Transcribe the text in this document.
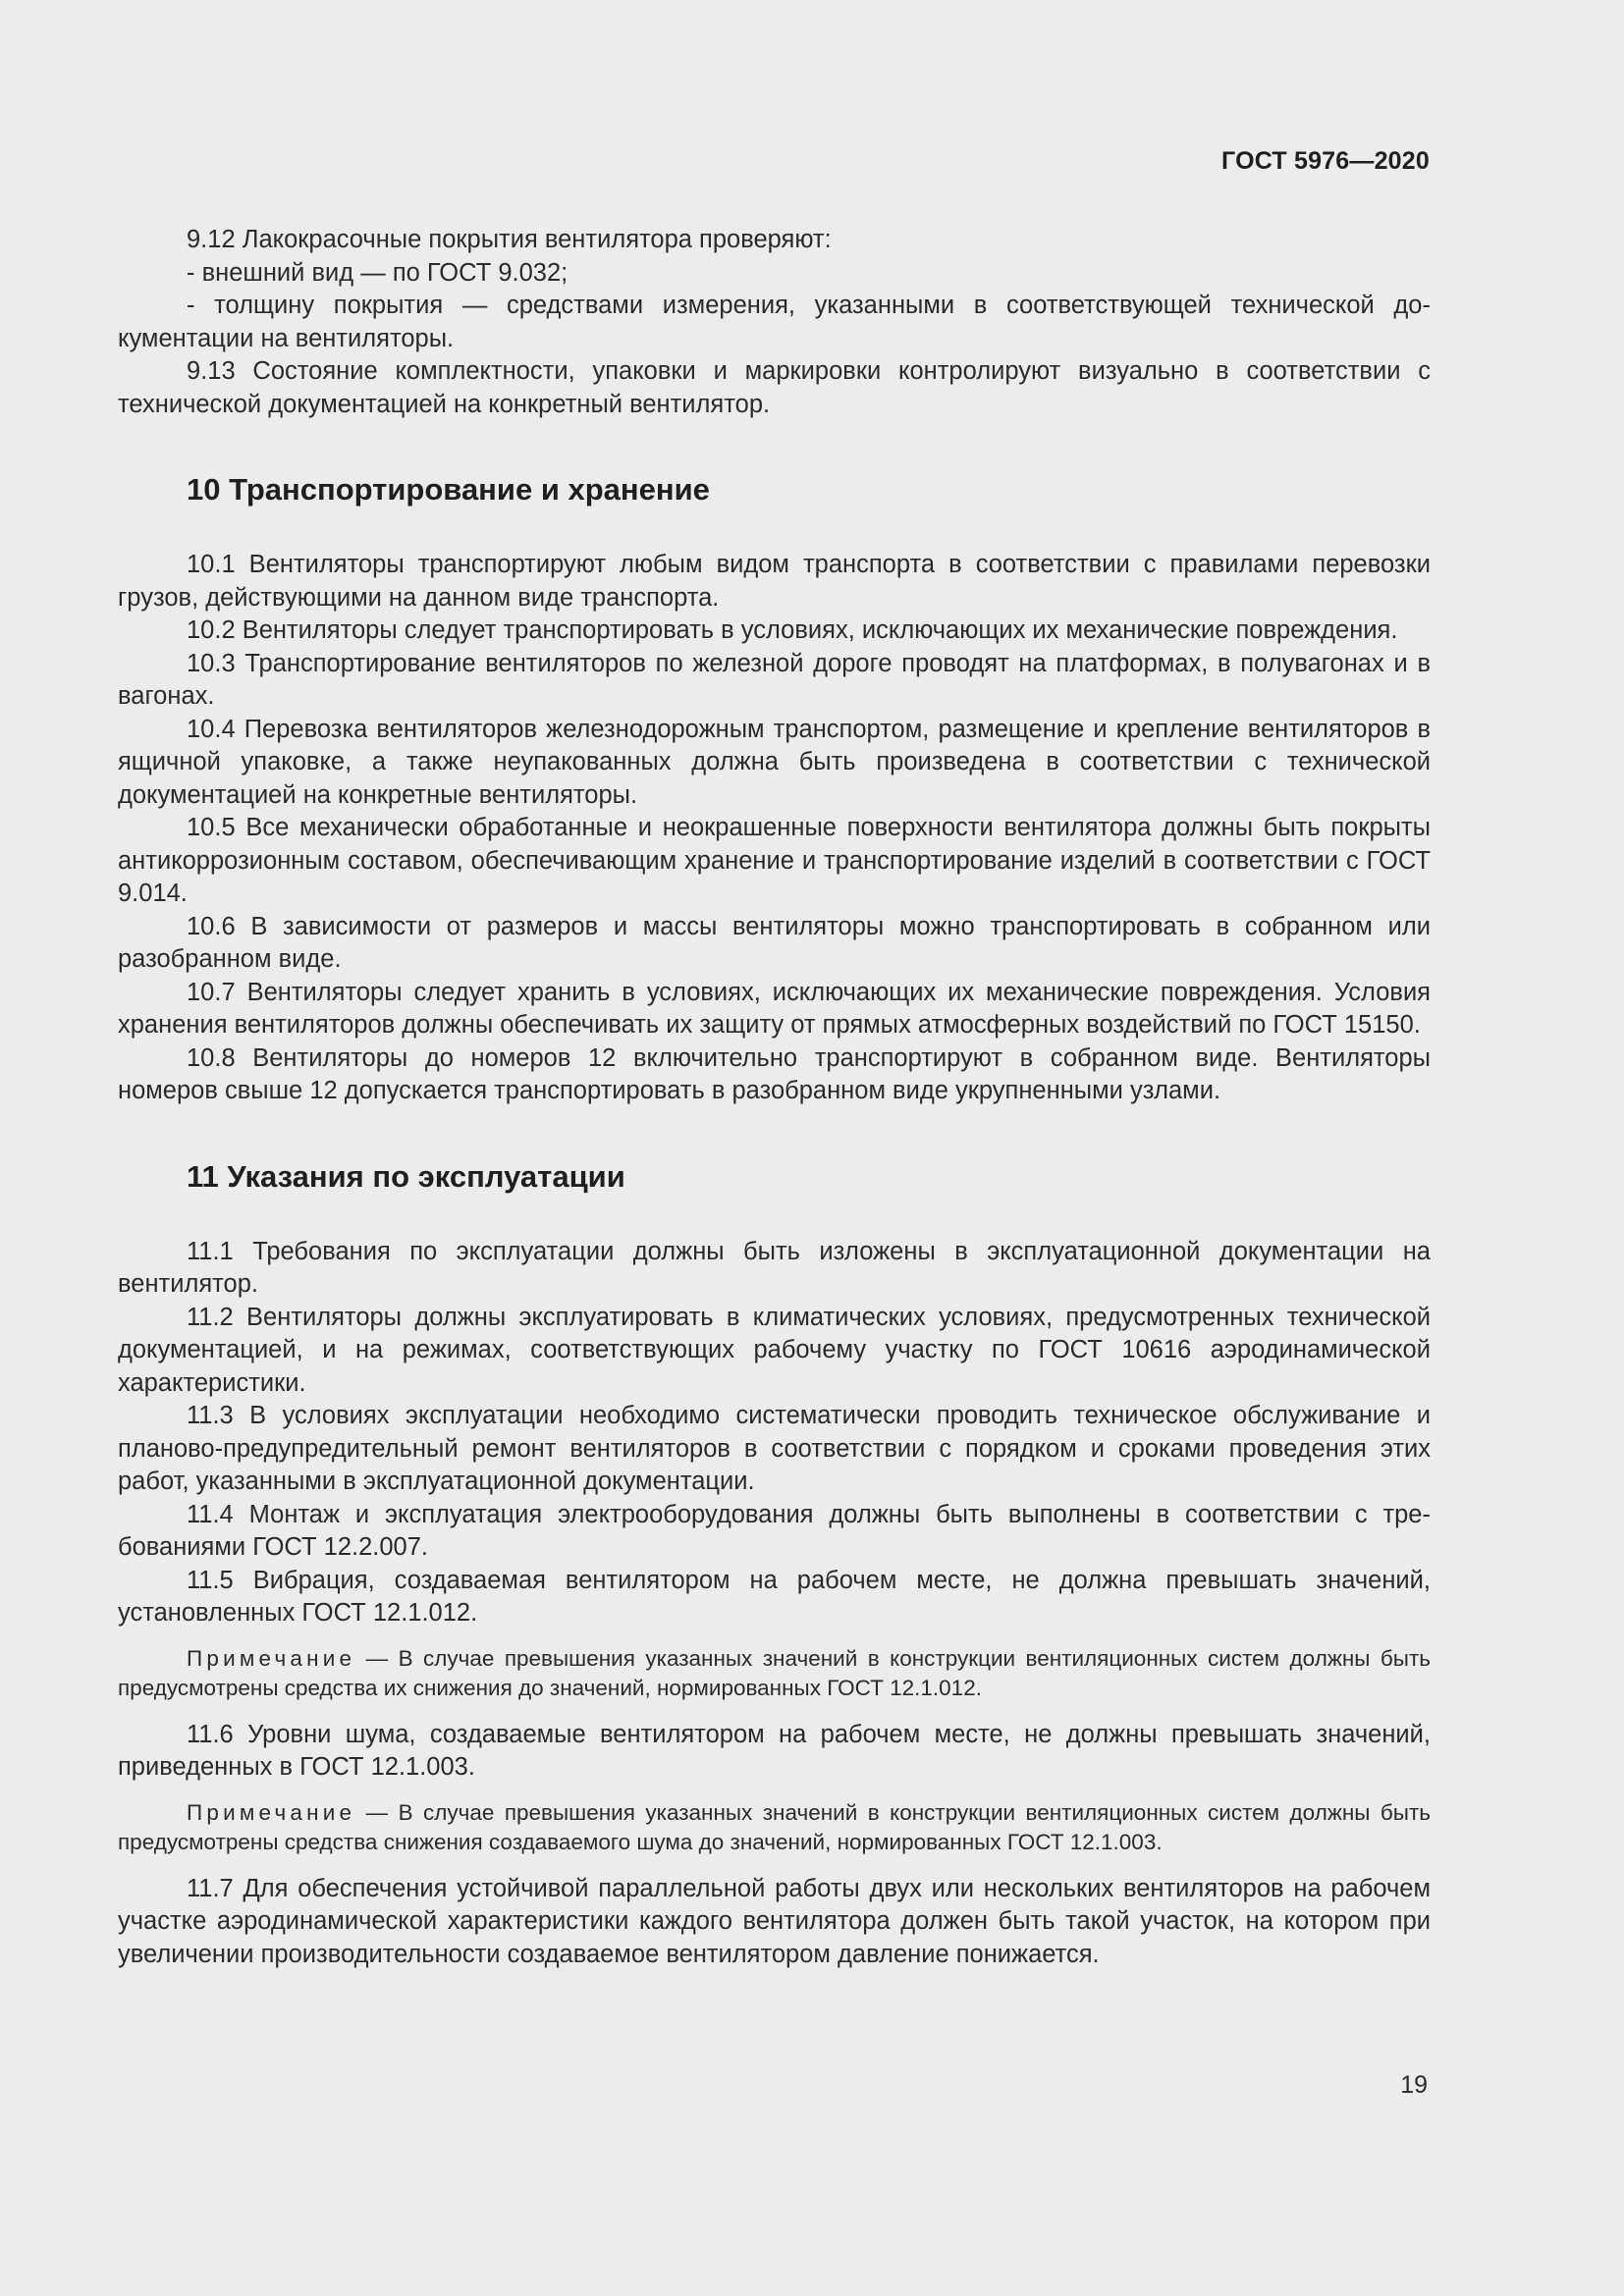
ГОСТ 5976—2020

9.12 Лакокрасочные покрытия вентилятора проверяют:

- внешний вид — по ГОСТ 9.032;

- толщину покрытия — средствами измерения, указанными в соответствующей технической документации на вентиляторы.

9.13 Состояние комплектности, упаковки и маркировки контролируют визуально в соответствии с технической документацией на конкретный вентилятор.

10 Транспортирование и хранение

10.1 Вентиляторы транспортируют любым видом транспорта в соответствии с правилами перевозки грузов, действующими на данном виде транспорта.

10.2 Вентиляторы следует транспортировать в условиях, исключающих их механические повреждения.

10.3 Транспортирование вентиляторов по железной дороге проводят на платформах, в полувагонах и в вагонах.

10.4 Перевозка вентиляторов железнодорожным транспортом, размещение и крепление вентиляторов в ящичной упаковке, а также неупакованных должна быть произведена в соответствии с технической документацией на конкретные вентиляторы.

10.5 Все механически обработанные и неокрашенные поверхности вентилятора должны быть покрыты антикоррозионным составом, обеспечивающим хранение и транспортирование изделий в соответствии с ГОСТ 9.014.

10.6 В зависимости от размеров и массы вентиляторы можно транспортировать в собранном или разобранном виде.

10.7 Вентиляторы следует хранить в условиях, исключающих их механические повреждения. Условия хранения вентиляторов должны обеспечивать их защиту от прямых атмосферных воздействий по ГОСТ 15150.

10.8 Вентиляторы до номеров 12 включительно транспортируют в собранном виде. Вентиляторы номеров свыше 12 допускается транспортировать в разобранном виде укрупненными узлами.

11 Указания по эксплуатации

11.1 Требования по эксплуатации должны быть изложены в эксплуатационной документации на вентилятор.

11.2 Вентиляторы должны эксплуатировать в климатических условиях, предусмотренных технической документацией, и на режимах, соответствующих рабочему участку по ГОСТ 10616 аэродинамической характеристики.

11.3 В условиях эксплуатации необходимо систематически проводить техническое обслуживание и планово-предупредительный ремонт вентиляторов в соответствии с порядком и сроками проведения этих работ, указанными в эксплуатационной документации.

11.4 Монтаж и эксплуатация электрооборудования должны быть выполнены в соответствии с требованиями ГОСТ 12.2.007.

11.5 Вибрация, создаваемая вентилятором на рабочем месте, не должна превышать значений, установленных ГОСТ 12.1.012.

Примечание — В случае превышения указанных значений в конструкции вентиляционных систем должны быть предусмотрены средства их снижения до значений, нормированных ГОСТ 12.1.012.

11.6 Уровни шума, создаваемые вентилятором на рабочем месте, не должны превышать значений, приведенных в ГОСТ 12.1.003.

Примечание — В случае превышения указанных значений в конструкции вентиляционных систем должны быть предусмотрены средства снижения создаваемого шума до значений, нормированных ГОСТ 12.1.003.

11.7 Для обеспечения устойчивой параллельной работы двух или нескольких вентиляторов на рабочем участке аэродинамической характеристики каждого вентилятора должен быть такой участок, на котором при увеличении производительности создаваемое вентилятором давление понижается.

19
